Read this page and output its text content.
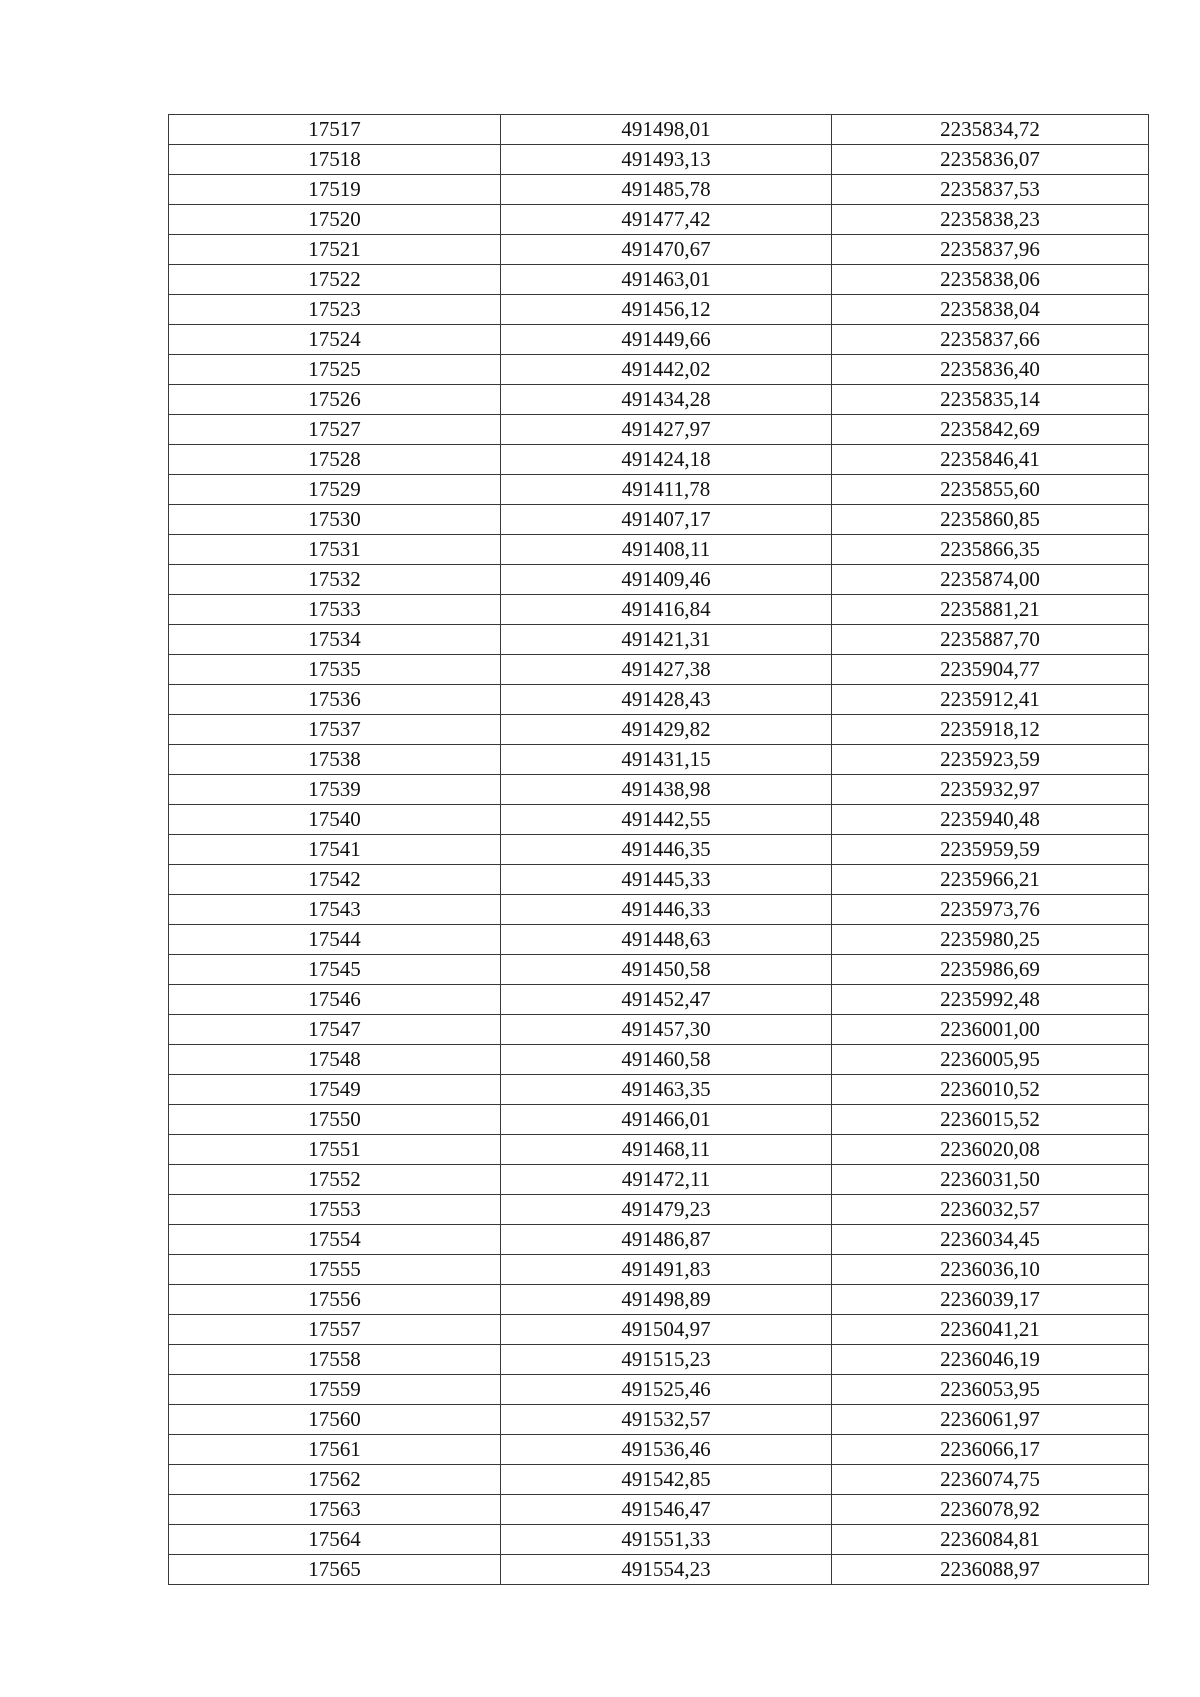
17517	491498,01	2235834,72
17518	491493,13	2235836,07
17519	491485,78	2235837,53
17520	491477,42	2235838,23
17521	491470,67	2235837,96
17522	491463,01	2235838,06
17523	491456,12	2235838,04
17524	491449,66	2235837,66
17525	491442,02	2235836,40
17526	491434,28	2235835,14
17527	491427,97	2235842,69
17528	491424,18	2235846,41
17529	491411,78	2235855,60
17530	491407,17	2235860,85
17531	491408,11	2235866,35
17532	491409,46	2235874,00
17533	491416,84	2235881,21
17534	491421,31	2235887,70
17535	491427,38	2235904,77
17536	491428,43	2235912,41
17537	491429,82	2235918,12
17538	491431,15	2235923,59
17539	491438,98	2235932,97
17540	491442,55	2235940,48
17541	491446,35	2235959,59
17542	491445,33	2235966,21
17543	491446,33	2235973,76
17544	491448,63	2235980,25
17545	491450,58	2235986,69
17546	491452,47	2235992,48
17547	491457,30	2236001,00
17548	491460,58	2236005,95
17549	491463,35	2236010,52
17550	491466,01	2236015,52
17551	491468,11	2236020,08
17552	491472,11	2236031,50
17553	491479,23	2236032,57
17554	491486,87	2236034,45
17555	491491,83	2236036,10
17556	491498,89	2236039,17
17557	491504,97	2236041,21
17558	491515,23	2236046,19
17559	491525,46	2236053,95
17560	491532,57	2236061,97
17561	491536,46	2236066,17
17562	491542,85	2236074,75
17563	491546,47	2236078,92
17564	491551,33	2236084,81
17565	491554,23	2236088,97
